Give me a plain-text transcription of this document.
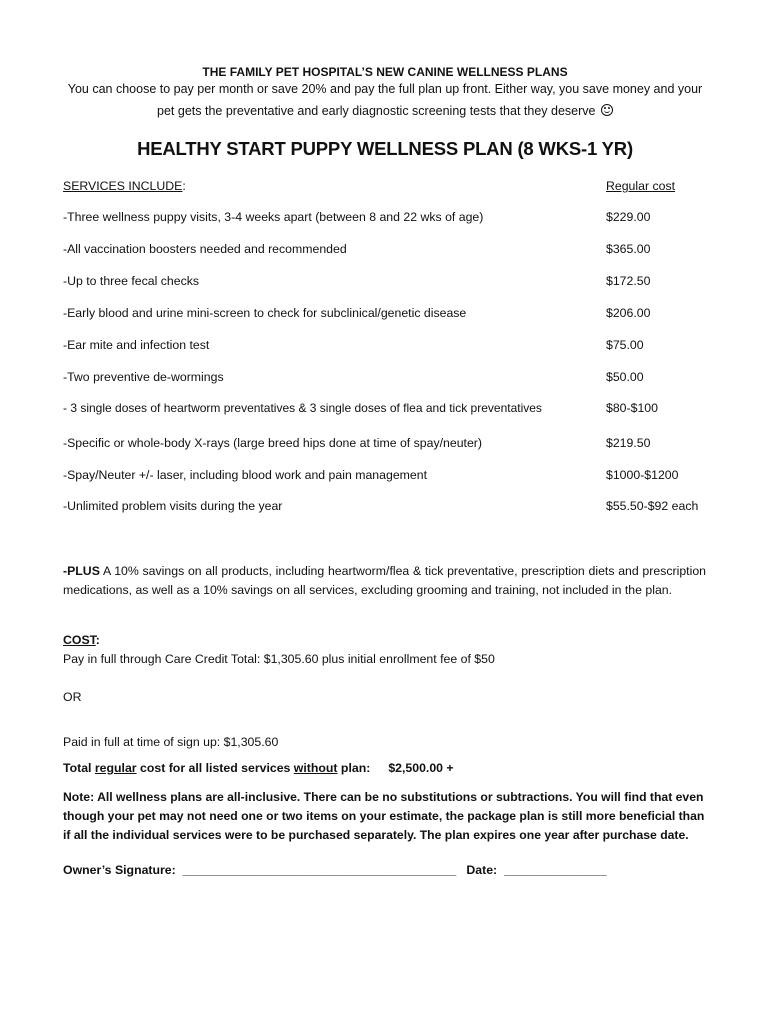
THE FAMILY PET HOSPITAL’S NEW CANINE WELLNESS PLANS
You can choose to pay per month or save 20% and pay the full plan up front. Either way, you save money and your
pet gets the preventative and early diagnostic screening tests that they deserve
HEALTHY START PUPPY WELLNESS PLAN (8 WKS-1 YR)
SERVICES INCLUDE:	Regular cost
-Three wellness puppy visits, 3-4 weeks apart (between 8 and 22 wks of age)	$229.00
-All vaccination boosters needed and recommended	$365.00
-Up to three fecal checks	$172.50
-Early blood and urine mini-screen to check for subclinical/genetic disease	$206.00
-Ear mite and infection test	$75.00
-Two preventive de-wormings	$50.00
- 3 single doses of heartworm preventatives & 3 single doses of flea and tick preventatives	$80-$100
-Specific or whole-body X-rays (large breed hips done at time of spay/neuter)	$219.50
-Spay/Neuter +/- laser, including blood work and pain management	$1000-$1200
-Unlimited problem visits during the year	$55.50-$92 each
-PLUS A 10% savings on all products, including heartworm/flea & tick preventative, prescription diets and prescription medications, as well as a 10% savings on all services, excluding grooming and training, not included in the plan.
COST:
Pay in full through Care Credit Total: $1,305.60 plus initial enrollment fee of $50
OR
Paid in full at time of sign up: $1,305.60
Total regular cost for all listed services without plan: $2,500.00 +
Note: All wellness plans are all-inclusive. There can be no substitutions or subtractions. You will find that even
though your pet may not need one or two items on your estimate, the package plan is still more beneficial than
if all the individual services were to be purchased separately. The plan expires one year after purchase date.
Owner’s Signature: ________________________________________ Date: _______________
